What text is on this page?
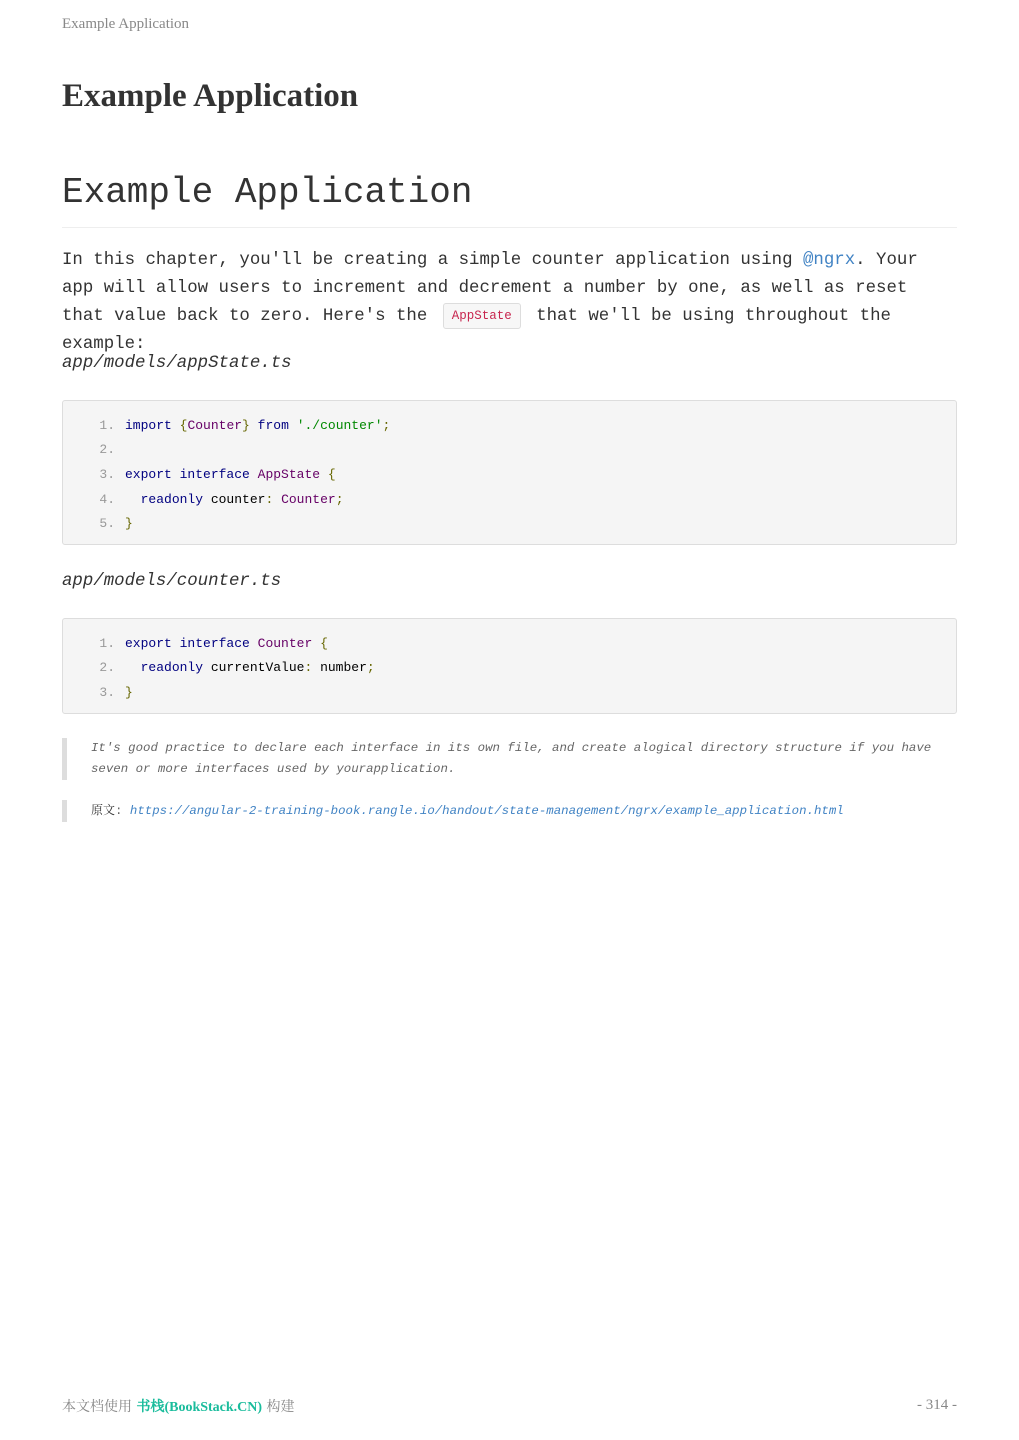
Example Application
Example Application
Example Application

In this chapter, you'll be creating a simple counter application using @ngrx. Your app will allow users to increment and decrement a number by one, as well as reset that value back to zero. Here's the AppState that we'll be using throughout the example:

app/models/appState.ts

1. import {Counter} from './counter';
2.
3. export interface AppState {
4.	readonly counter: Counter;
5. }

app/models/counter.ts

1. export interface Counter {
2.	readonly currentValue: number;
3. }
It's good practice to declare each interface in its own file, and create alogical directory structure if you have seven or more interfaces used by yourapplication.
原文: https://angular-2-training-book.rangle.io/handout/state-management/ngrx/example_application.html
本文档使用 书栈(BookStack.CN) 构建	- 314 -
